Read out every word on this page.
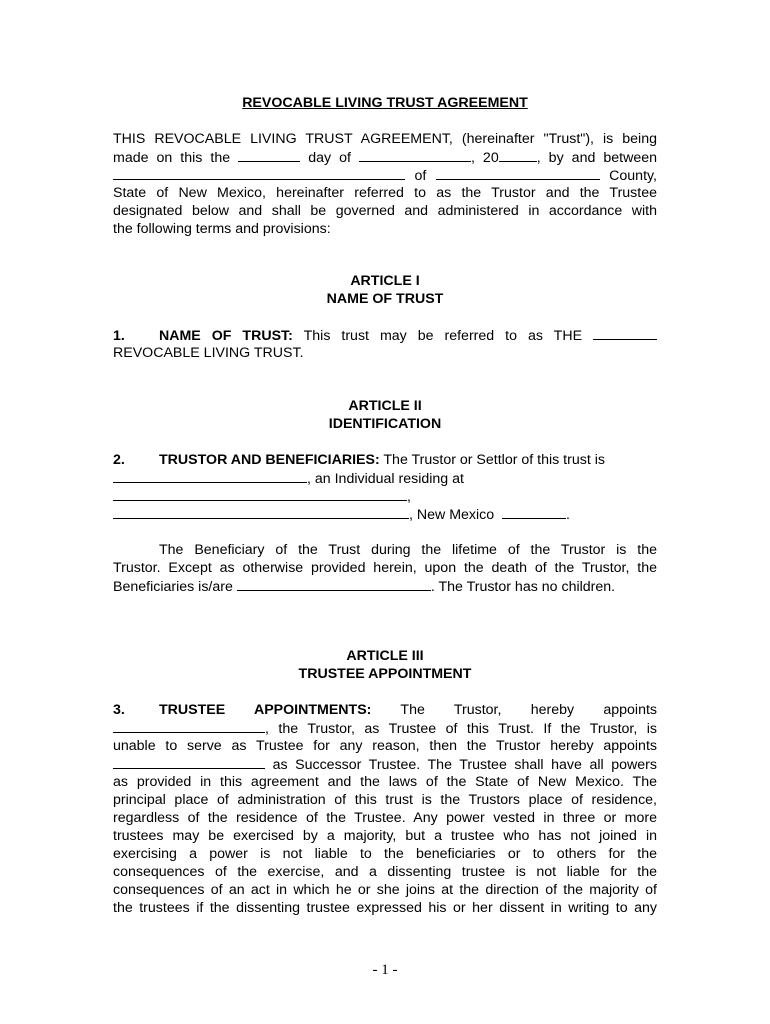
REVOCABLE LIVING TRUST AGREEMENT
THIS REVOCABLE LIVING TRUST AGREEMENT, (hereinafter "Trust"), is being
made on this the	day of	, 20	, by and between
of	County,
State of New Mexico, hereinafter referred to as the Trustor and the Trustee
designated below and shall be governed and administered in accordance with
the following terms and provisions:
ARTICLE I
NAME OF TRUST
1. NAME OF TRUST: This trust may be referred to as THE
REVOCABLE LIVING TRUST.
ARTICLE II
IDENTIFICATION
2. TRUSTOR AND BENEFICIARIES: The Trustor or Settlor of this trust is
, an Individual residing at
,
, New Mexico	.
The Beneficiary of the Trust during the lifetime of the Trustor is the
Trustor. Except as otherwise provided herein, upon the death of the Trustor, the
Beneficiaries is/are	. The Trustor has no children.
ARTICLE III
TRUSTEE APPOINTMENT
3. TRUSTEE APPOINTMENTS: The Trustor, hereby appoints
, the Trustor, as Trustee of this Trust. If the Trustor, is
unable to serve as Trustee for any reason, then the Trustor hereby appoints
as Successor Trustee. The Trustee shall have all powers
as provided in this agreement and the laws of the State of New Mexico. The
principal place of administration of this trust is the Trustors place of residence,
regardless of the residence of the Trustee. Any power vested in three or more
trustees may be exercised by a majority, but a trustee who has not joined in
exercising a power is not liable to the beneficiaries or to others for the
consequences of the exercise, and a dissenting trustee is not liable for the
consequences of an act in which he or she joins at the direction of the majority of
the trustees if the dissenting trustee expressed his or her dissent in writing to any
- 1 -
